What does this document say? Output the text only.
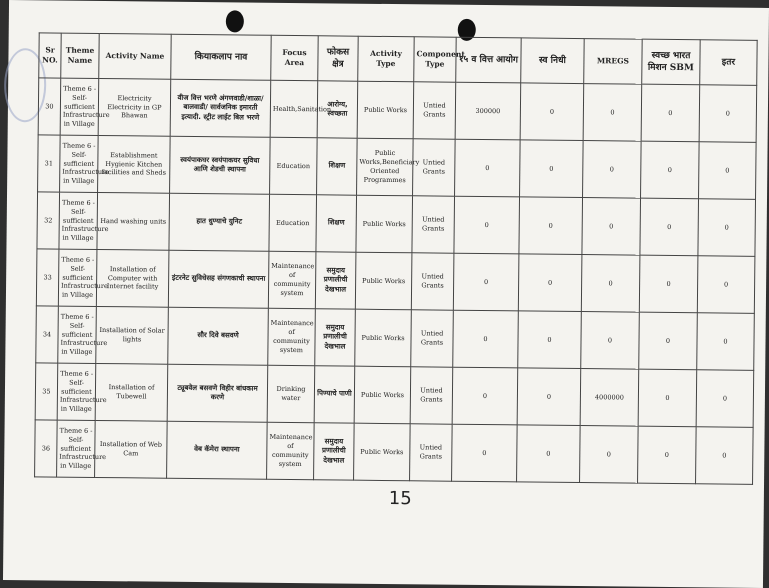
Sr NO.	Theme Name	Activity Name	कियाकलाप नाव	Focus Area	फोकस क्षेत्र	Activity Type	Component Type	१५ व वित्त आयोग	स्व निधी	MREGS	स्वच्छ भारत मिशन SBM	इतर
30	Theme 6 - Self-sufficient Infrastructure in Village	Electricity Electricity in GP Bhawan	वीज वित्त भरणे अंगणवाडी/शाळा/ बालवाडी/ सार्वजनिक इमारती इत्यादी. स्ट्रीट लाईट बिल भरणे	Health,Sanitation	आरोग्य, स्वच्छता	Public Works	Untied Grants	300000	0	0	0	0
31	Theme 6 - Self-sufficient Infrastructure in Village	Establishment Hygienic Kitchen facilities and Sheds	स्वयंपाकघर स्वयंपाकघर सुविधा आणि शेडची स्थापना	Education	शिक्षण	Public Works,Beneficiary Oriented Programmes	Untied Grants	0	0	0	0	0
32	Theme 6 - Self-sufficient Infrastructure in Village	Hand washing units	हात धुण्याचे युनिट	Education	शिक्षण	Public Works	Untied Grants	0	0	0	0	0
33	Theme 6 - Self-sufficient Infrastructure in Village	Installation of Computer with Internet facility	इंटरनेट सुविधेसह संगणकाची स्थापना	Maintenance of community system	समुदाय प्रणालीची देखभाल	Public Works	Untied Grants	0	0	0	0	0
34	Theme 6 - Self-sufficient Infrastructure in Village	Installation of Solar lights	सौर दिवे बसवणे	Maintenance of community system	समुदाय प्रणालीची देखभाल	Public Works	Untied Grants	0	0	0	0	0
35	Theme 6 - Self-sufficient Infrastructure in Village	Installation of Tubewell	ट्यूबवेल बसवणे विहीर बांधकाम करणे	Drinking water	पिण्याचे पाणी	Public Works	Untied Grants	0	0	4000000	0	0
36	Theme 6 - Self-sufficient Infrastructure in Village	Installation of Web Cam	वेब कॅमेरा स्थापना	Maintenance of community system	समुदाय प्रणालीची देखभाल	Public Works	Untied Grants	0	0	0	0	0
15
